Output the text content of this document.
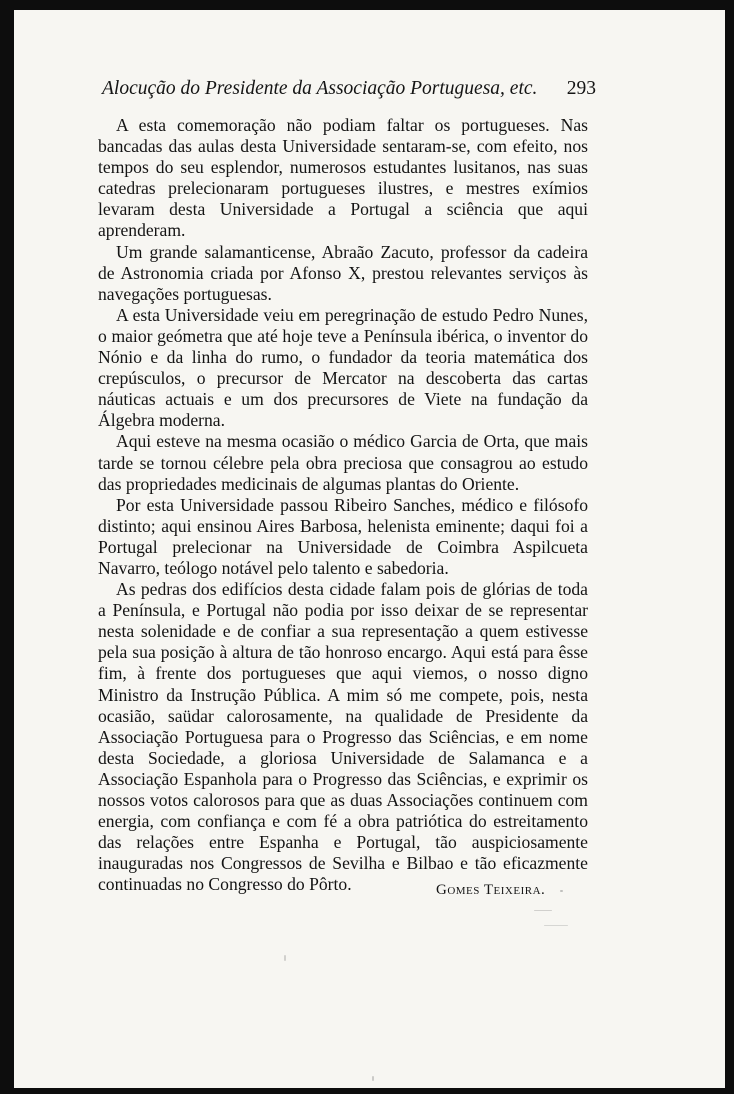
Alocução do Presidente da Associação Portuguesa, etc. 293

A esta comemoração não podiam faltar os portugueses. Nas bancadas das aulas desta Universidade sentaram-se, com efeito, nos tempos do seu esplendor, numerosos estudantes lusitanos, nas suas catedras prelecionaram portugueses ilustres, e mestres exímios levaram desta Universidade a Portugal a sciência que aqui aprenderam.

Um grande salamanticense, Abraão Zacuto, professor da cadeira de Astronomia criada por Afonso X, prestou relevantes serviços às navegações portuguesas.

A esta Universidade veiu em peregrinação de estudo Pedro Nunes, o maior geómetra que até hoje teve a Península ibérica, o inventor do Nónio e da linha do rumo, o fundador da teoria matemática dos crepúsculos, o precursor de Mercator na descoberta das cartas náuticas actuais e um dos precursores de Viete na fundação da Álgebra moderna.

Aqui esteve na mesma ocasião o médico Garcia de Orta, que mais tarde se tornou célebre pela obra preciosa que consagrou ao estudo das propriedades medicinais de algumas plantas do Oriente.

Por esta Universidade passou Ribeiro Sanches, médico e filósofo distinto; aqui ensinou Aires Barbosa, helenista eminente; daqui foi a Portugal prelecionar na Universidade de Coimbra Aspilcueta Navarro, teólogo notável pelo talento e sabedoria.

As pedras dos edifícios desta cidade falam pois de glórias de toda a Península, e Portugal não podia por isso deixar de se representar nesta solenidade e de confiar a sua representação a quem estivesse pela sua posição à altura de tão honroso encargo. Aqui está para êsse fim, à frente dos portugueses que aqui viemos, o nosso digno Ministro da Instrução Pública. A mim só me compete, pois, nesta ocasião, saüdar calorosamente, na qualidade de Presidente da Associação Portuguesa para o Progresso das Sciências, e em nome desta Sociedade, a gloriosa Universidade de Salamanca e a Associação Espanhola para o Progresso das Sciências, e exprimir os nossos votos calorosos para que as duas Associações continuem com energia, com confiança e com fé a obra patriótica do estreitamento das relações entre Espanha e Portugal, tão auspiciosamente inauguradas nos Congressos de Sevilha e Bilbao e tão eficazmente continuadas no Congresso do Pôrto.	Gomes Teixeira.
